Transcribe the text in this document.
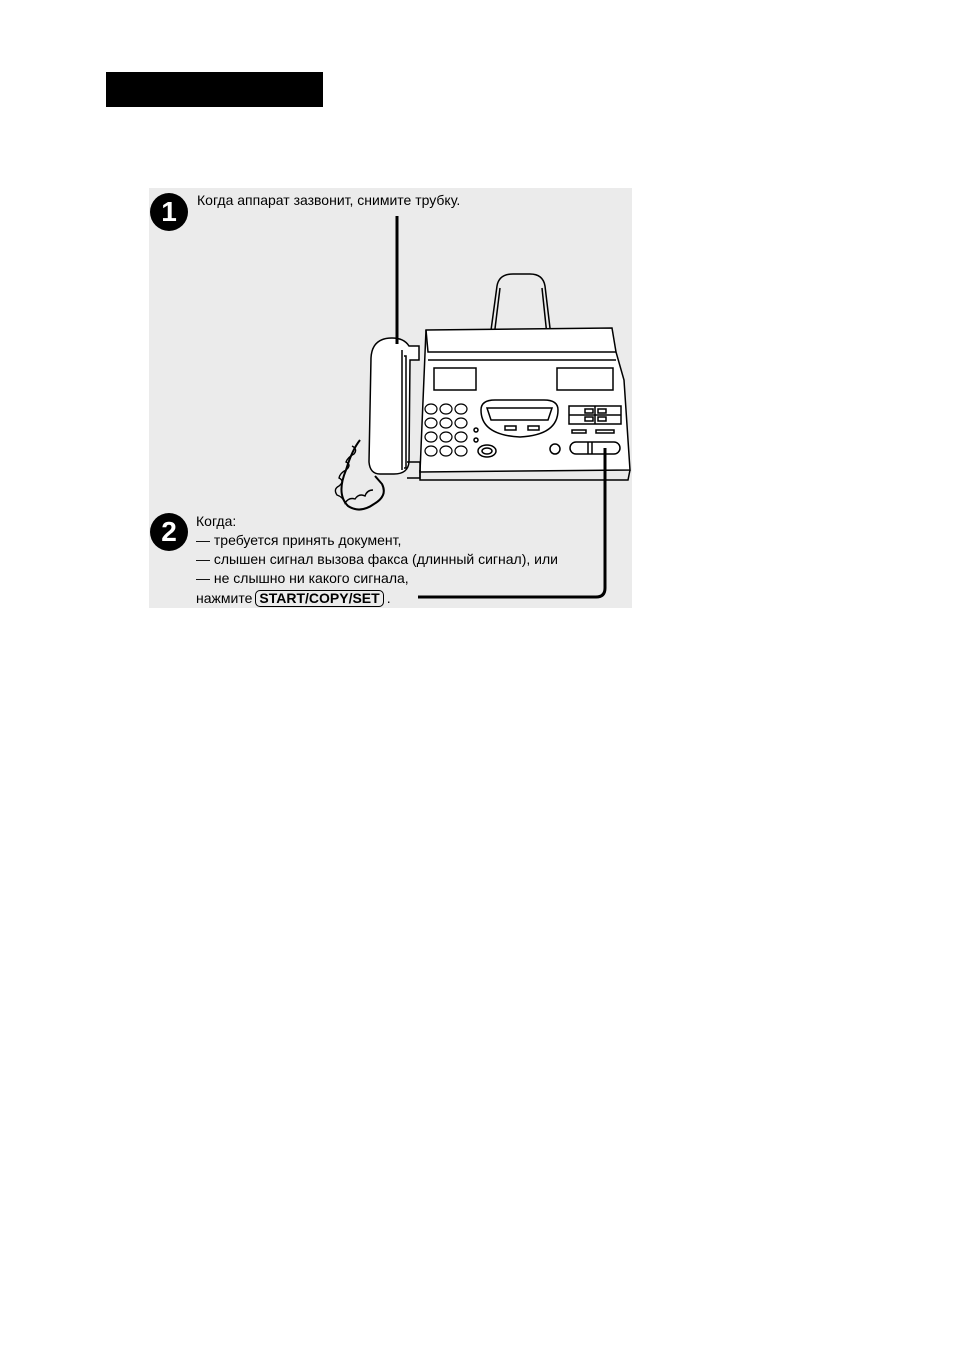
1	Когда аппарат зазвонит, снимите трубку.
2	Когда:
— требуется принять документ,
— слышен сигнал вызова факса (длинный сигнал), или
— не слышно ни какого сигнала,
нажмите START/COPY/SET .
